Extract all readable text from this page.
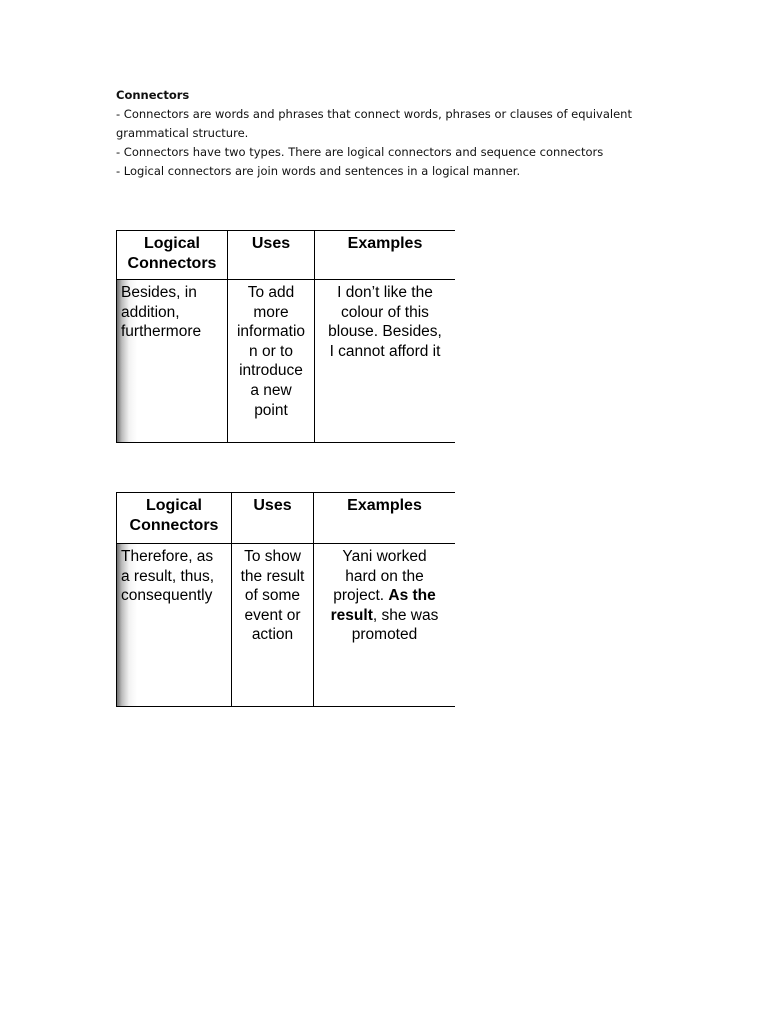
Connectors

- Connectors are words and phrases that connect words, phrases or clauses of equivalent

grammatical structure.

- Connectors have two types. There are logical connectors and sequence connectors

- Logical connectors are join words and sentences in a logical manner.

Logical
Connectors
Uses	Examples
Besides, in
addition,
furthermore
To add
more
informatio
n or to
introduce
a new
point
I don’t like the
colour of this
blouse. Besides,
I cannot afford it
Logical
Connectors
Uses	Examples
Therefore, as
a result, thus,
consequently
To show
the result
of some
event or
action
Yani worked
hard on the
project. As the
result, she was
promoted
